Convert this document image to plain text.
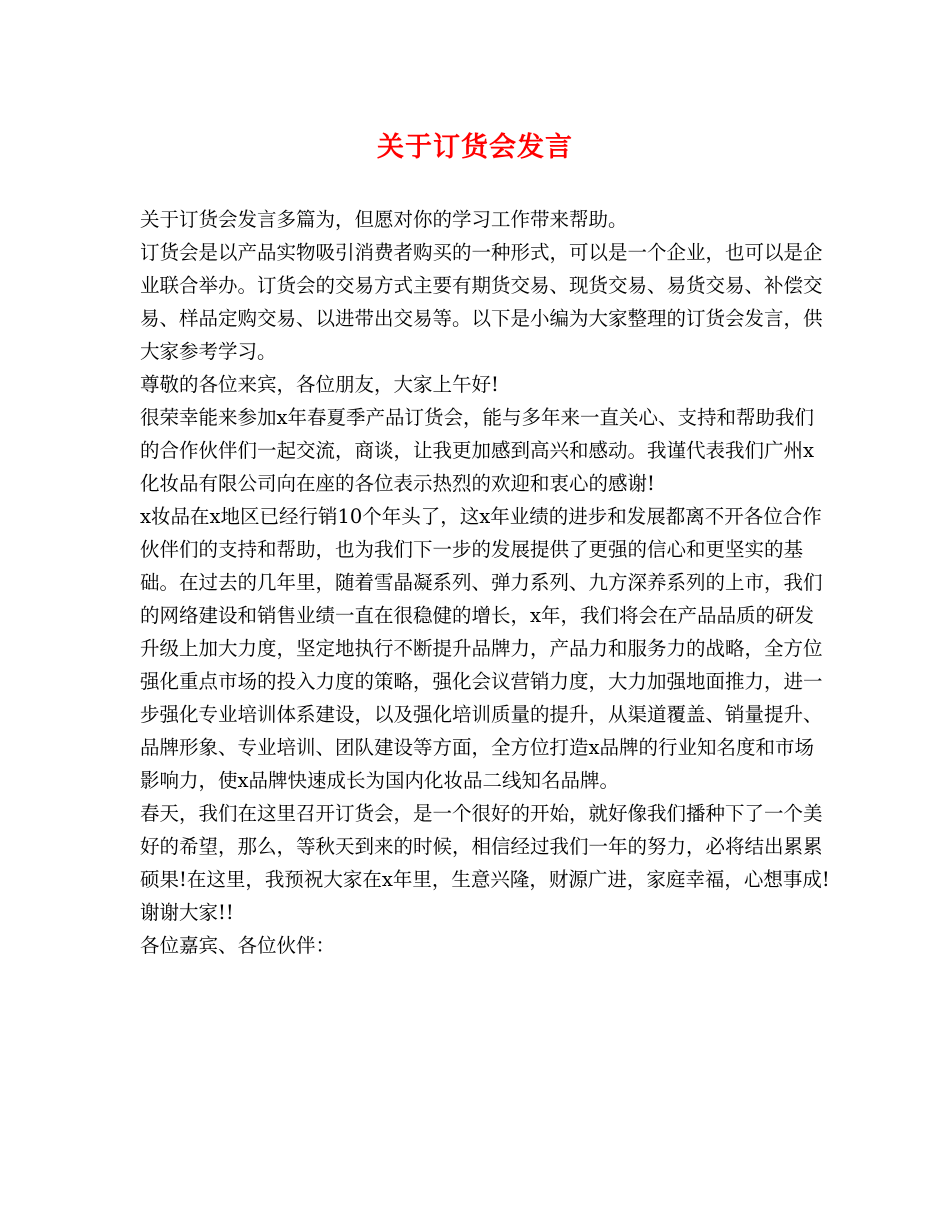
关于订货会发言

关于订货会发言多篇为，但愿对你的学习工作带来帮助。

订货会是以产品实物吸引消费者购买的一种形式，可以是一个企业，也可以是企业联合举办。订货会的交易方式主要有期货交易、现货交易、易货交易、补偿交易、样品定购交易、以进带出交易等。以下是小编为大家整理的订货会发言，供大家参考学习。

尊敬的各位来宾，各位朋友，大家上午好!

很荣幸能来参加x年春夏季产品订货会，能与多年来一直关心、支持和帮助我们的合作伙伴们一起交流，商谈，让我更加感到高兴和感动。我谨代表我们广州x化妆品有限公司向在座的各位表示热烈的欢迎和衷心的感谢!

x妆品在x地区已经行销10个年头了，这x年业绩的进步和发展都离不开各位合作伙伴们的支持和帮助，也为我们下一步的发展提供了更强的信心和更坚实的基础。在过去的几年里，随着雪晶凝系列、弹力系列、九方深养系列的上市，我们的网络建设和销售业绩一直在很稳健的增长，x年，我们将会在产品品质的研发升级上加大力度，坚定地执行不断提升品牌力，产品力和服务力的战略，全方位强化重点市场的投入力度的策略，强化会议营销力度，大力加强地面推力，进一步强化专业培训体系建设，以及强化培训质量的提升，从渠道覆盖、销量提升、品牌形象、专业培训、团队建设等方面，全方位打造x品牌的行业知名度和市场影响力，使x品牌快速成长为国内化妆品二线知名品牌。

春天，我们在这里召开订货会，是一个很好的开始，就好像我们播种下了一个美好的希望，那么，等秋天到来的时候，相信经过我们一年的努力，必将结出累累硕果!在这里，我预祝大家在x年里，生意兴隆，财源广进，家庭幸福，心想事成!谢谢大家!!

各位嘉宾、各位伙伴：
